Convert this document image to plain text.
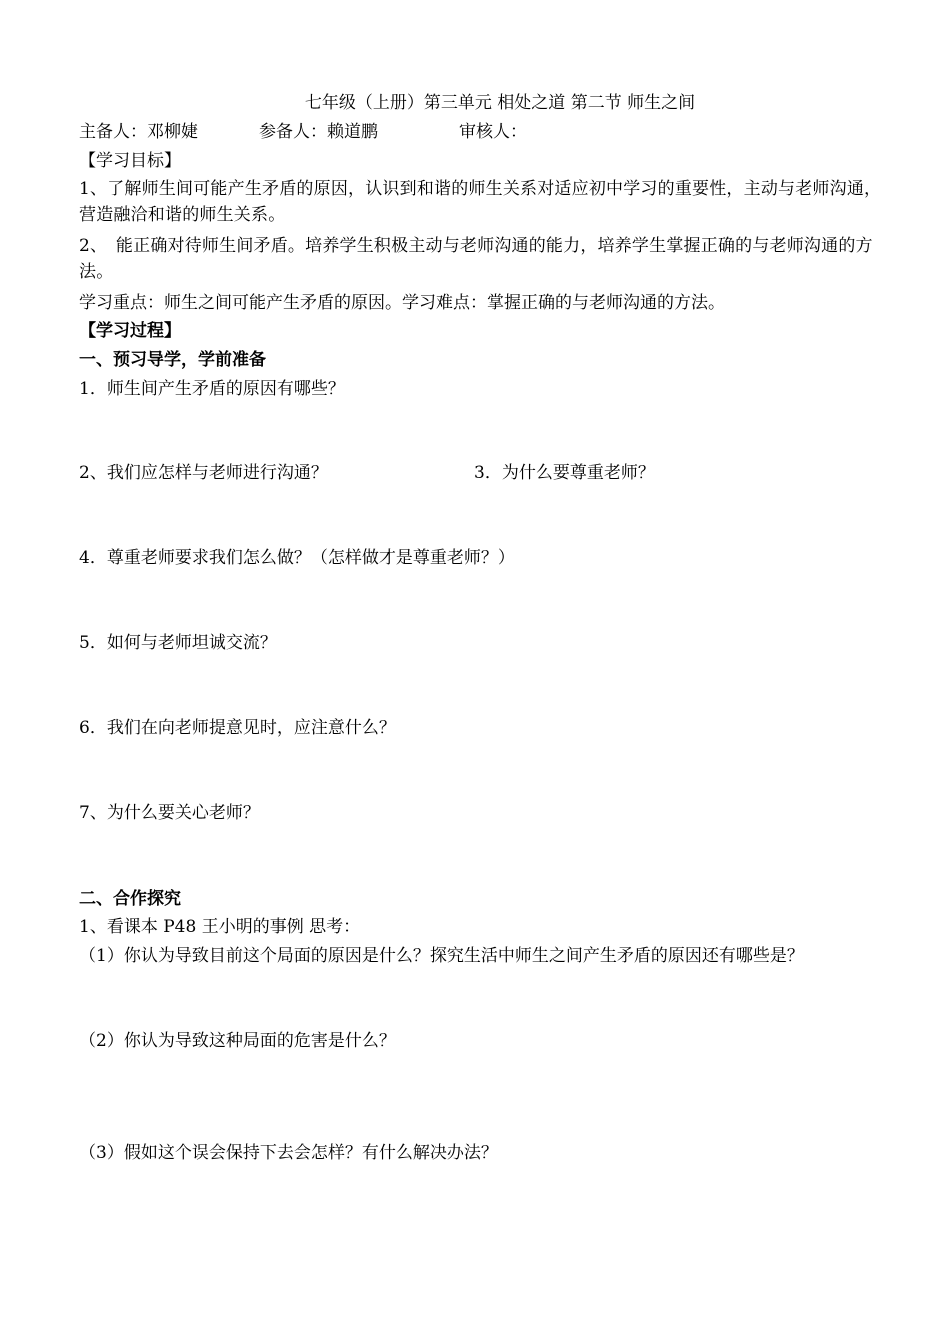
七年级（上册）第三单元 相处之道 第二节 师生之间
主备人：邓柳婕	参备人：赖道鹏	审核人：
【学习目标】
1、了解师生间可能产生矛盾的原因，认识到和谐的师生关系对适应初中学习的重要性，主动与老师沟通，营造融洽和谐的师生关系。
2、　能正确对待师生间矛盾。培养学生积极主动与老师沟通的能力，培养学生掌握正确的与老师沟通的方法。
学习重点：师生之间可能产生矛盾的原因。学习难点：掌握正确的与老师沟通的方法。
【学习过程】
一、预习导学，学前准备
1．师生间产生矛盾的原因有哪些？
2、我们应怎样与老师进行沟通？	3．为什么要尊重老师？
4．尊重老师要求我们怎么做？（怎样做才是尊重老师？）
5．如何与老师坦诚交流？
6．我们在向老师提意见时，应注意什么？
7、为什么要关心老师？
二、合作探究
1、看课本 P48 王小明的事例 思考：
（1）你认为导致目前这个局面的原因是什么？探究生活中师生之间产生矛盾的原因还有哪些是？
（2）你认为导致这种局面的危害是什么？
（3）假如这个误会保持下去会怎样？有什么解决办法？
